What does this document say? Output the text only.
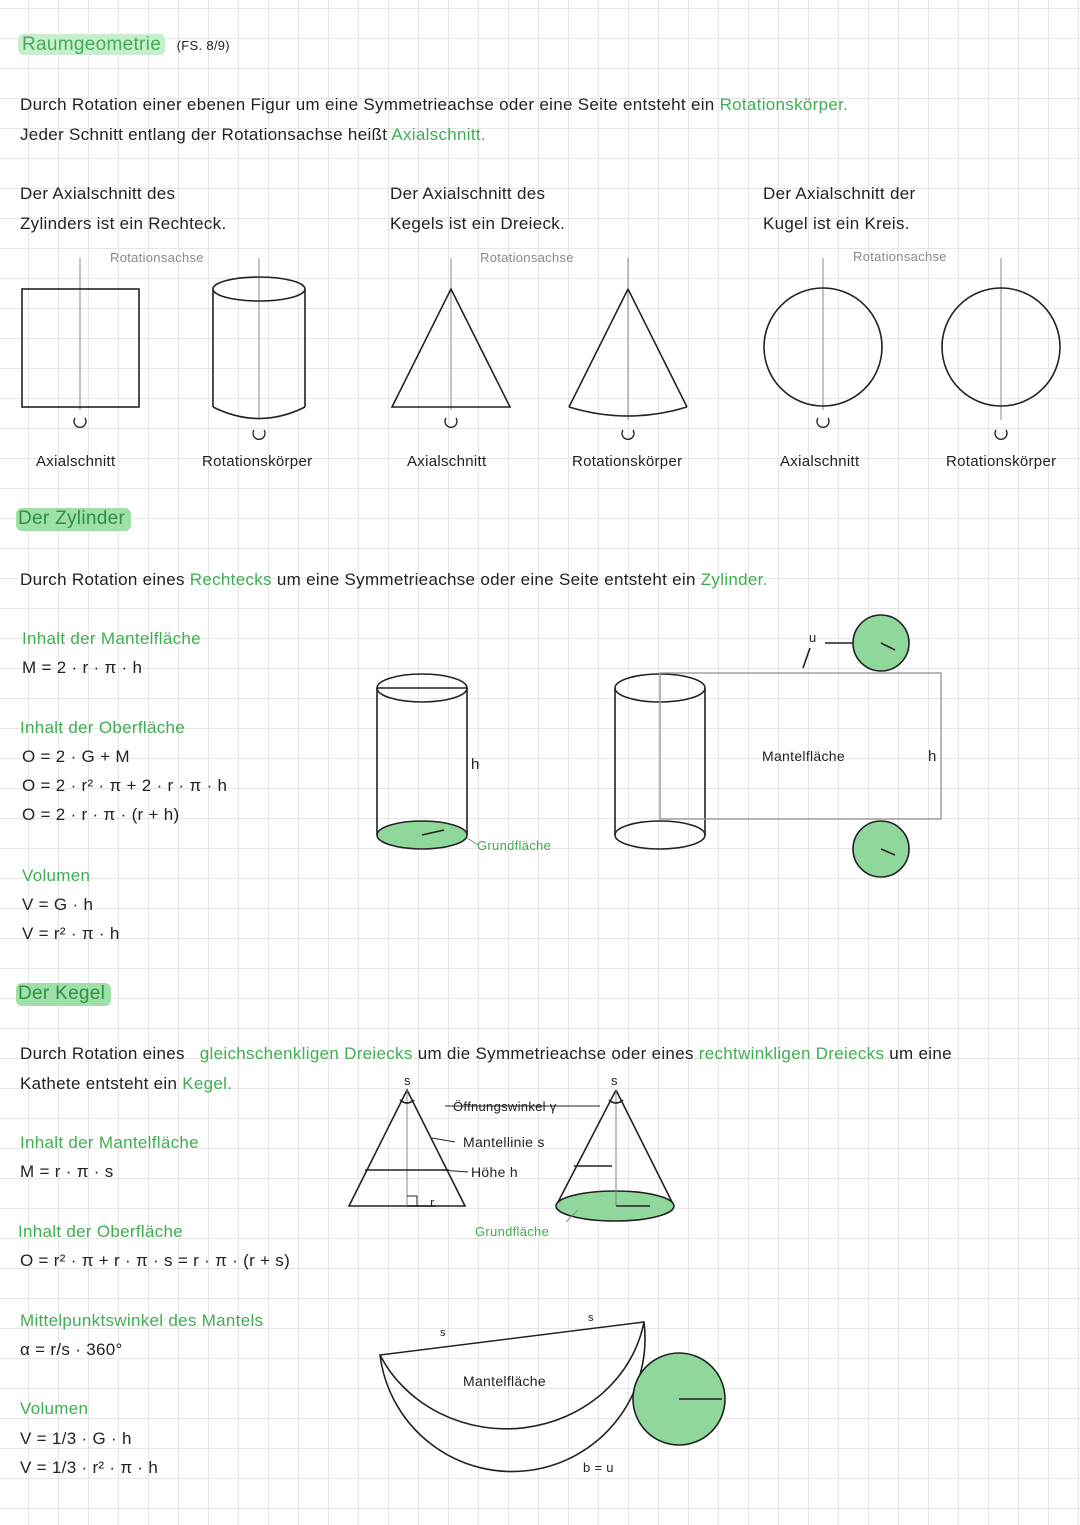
Raumgeometrie (FS. 8/9)
Durch Rotation einer ebenen Figur um eine Symmetrieachse oder eine Seite entsteht ein Rotationskörper.
Jeder Schnitt entlang der Rotationsachse heißt Axialschnitt.
Der Axialschnitt des
Zylinders ist ein Rechteck.
Der Axialschnitt des
Kegels ist ein Dreieck.
Der Axialschnitt der
Kugel ist ein Kreis.
Rotationsachse	Rotationsachse	Rotationsachse
Axialschnitt	Rotationskörper	Axialschnitt	Rotationskörper	Axialschnitt	Rotationskörper
Der Zylinder
Durch Rotation eines Rechtecks um eine Symmetrieachse oder eine Seite entsteht ein Zylinder.
Inhalt der Mantelfläche
M = 2 · r · π · h
Inhalt der Oberfläche
O = 2 · G + M
O = 2 · r² · π + 2 · r · π · h
O = 2 · r · π · (r + h)
Volumen
V = G · h
V = r² · π · h
h
Grundfläche
Mantelfläche	h
u
Der Kegel
Durch Rotation eines gleichschenkligen Dreiecks um die Symmetrieachse oder eines rechtwinkligen Dreiecks um eine
Kathete entsteht ein Kegel.
Inhalt der Mantelfläche
M = r · π · s
Inhalt der Oberfläche
O = r² · π + r · π · s = r · π · (r + s)
Mittelpunktswinkel des Mantels
α = r/s · 360°
Volumen
V = 1/3 · G · h
V = 1/3 · r² · π · h
s	s
Öffnungswinkel γ
Mantellinie s
Höhe h
r
Grundfläche
s
s
Mantelfläche
b = u
